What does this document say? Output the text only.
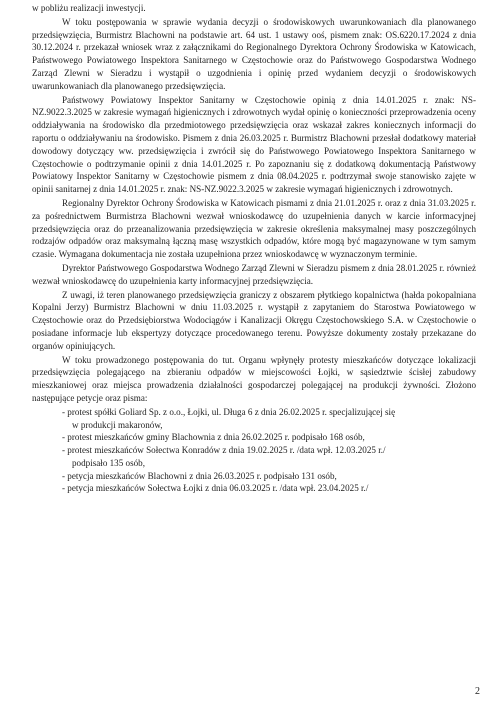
w pobliżu realizacji inwestycji.

W toku postępowania w sprawie wydania decyzji o środowiskowych uwarunkowaniach dla planowanego przedsięwzięcia, Burmistrz Blachowni na podstawie art. 64 ust. 1 ustawy ooś, pismem znak: OS.6220.17.2024 z dnia 30.12.2024 r. przekazał wniosek wraz z załącznikami do Regionalnego Dyrektora Ochrony Środowiska w Katowicach, Państwowego Powiatowego Inspektora Sanitarnego w Częstochowie oraz do Państwowego Gospodarstwa Wodnego Zarząd Zlewni w Sieradzu i wystąpił o uzgodnienia i opinię przed wydaniem decyzji o środowiskowych uwarunkowaniach dla planowanego przedsięwzięcia.

Państwowy Powiatowy Inspektor Sanitarny w Częstochowie opinią z dnia 14.01.2025 r. znak: NS-NZ.9022.3.2025 w zakresie wymagań higienicznych i zdrowotnych wydał opinię o konieczności przeprowadzenia oceny oddziaływania na środowisko dla przedmiotowego przedsięwzięcia oraz wskazał zakres koniecznych informacji do raportu o oddziaływaniu na środowisko. Pismem z dnia 26.03.2025 r. Burmistrz Blachowni przesłał dodatkowy materiał dowodowy dotyczący ww. przedsięwzięcia i zwrócił się do Państwowego Powiatowego Inspektora Sanitarnego w Częstochowie o podtrzymanie opinii z dnia 14.01.2025 r. Po zapoznaniu się z dodatkową dokumentacją Państwowy Powiatowy Inspektor Sanitarny w Częstochowie pismem z dnia 08.04.2025 r. podtrzymał swoje stanowisko zajęte w opinii sanitarnej z dnia 14.01.2025 r. znak: NS-NZ.9022.3.2025 w zakresie wymagań higienicznych i zdrowotnych.

Regionalny Dyrektor Ochrony Środowiska w Katowicach pismami z dnia 21.01.2025 r. oraz z dnia 31.03.2025 r. za pośrednictwem Burmistrza Blachowni wezwał wnioskodawcę do uzupełnienia danych w karcie informacyjnej przedsięwzięcia oraz do przeanalizowania przedsięwzięcia w zakresie określenia maksymalnej masy poszczególnych rodzajów odpadów oraz maksymalną łączną masę wszystkich odpadów, które mogą być magazynowane w tym samym czasie. Wymagana dokumentacja nie została uzupełniona przez wnioskodawcę w wyznaczonym terminie.

Dyrektor Państwowego Gospodarstwa Wodnego Zarząd Zlewni w Sieradzu pismem z dnia 28.01.2025 r. również wezwał wnioskodawcę do uzupełnienia karty informacyjnej przedsięwzięcia.

Z uwagi, iż teren planowanego przedsięwzięcia graniczy z obszarem płytkiego kopalnictwa (hałda pokopalniana Kopalni Jerzy) Burmistrz Blachowni w dniu 11.03.2025 r. wystąpił z zapytaniem do Starostwa Powiatowego w Częstochowie oraz do Przedsiębiorstwa Wodociągów i Kanalizacji Okręgu Częstochowskiego S.A. w Częstochowie o posiadane informacje lub ekspertyzy dotyczące procedowanego terenu. Powyższe dokumenty zostały przekazane do organów opiniujących.

W toku prowadzonego postępowania do tut. Organu wpłynęły protesty mieszkańców dotyczące lokalizacji przedsięwzięcia polegającego na zbieraniu odpadów w miejscowości Łojki, w sąsiedztwie ścisłej zabudowy mieszkaniowej oraz miejsca prowadzenia działalności gospodarczej polegającej na produkcji żywności. Złożono następujące petycje oraz pisma:

- protest spółki Goliard Sp. z o.o., Łojki, ul. Długa 6 z dnia 26.02.2025 r. specjalizującej się

w produkcji makaronów,

- protest mieszkańców gminy Blachownia z dnia 26.02.2025 r. podpisało 168 osób,

- protest mieszkańców Sołectwa Konradów z dnia 19.02.2025 r. /data wpł. 12.03.2025 r./

podpisało 135 osób,

- petycja mieszkańców Blachowni z dnia 26.03.2025 r. podpisało 131 osób,

- petycja mieszkańców Sołectwa Łojki z dnia 06.03.2025 r. /data wpł. 23.04.2025 r./

2
